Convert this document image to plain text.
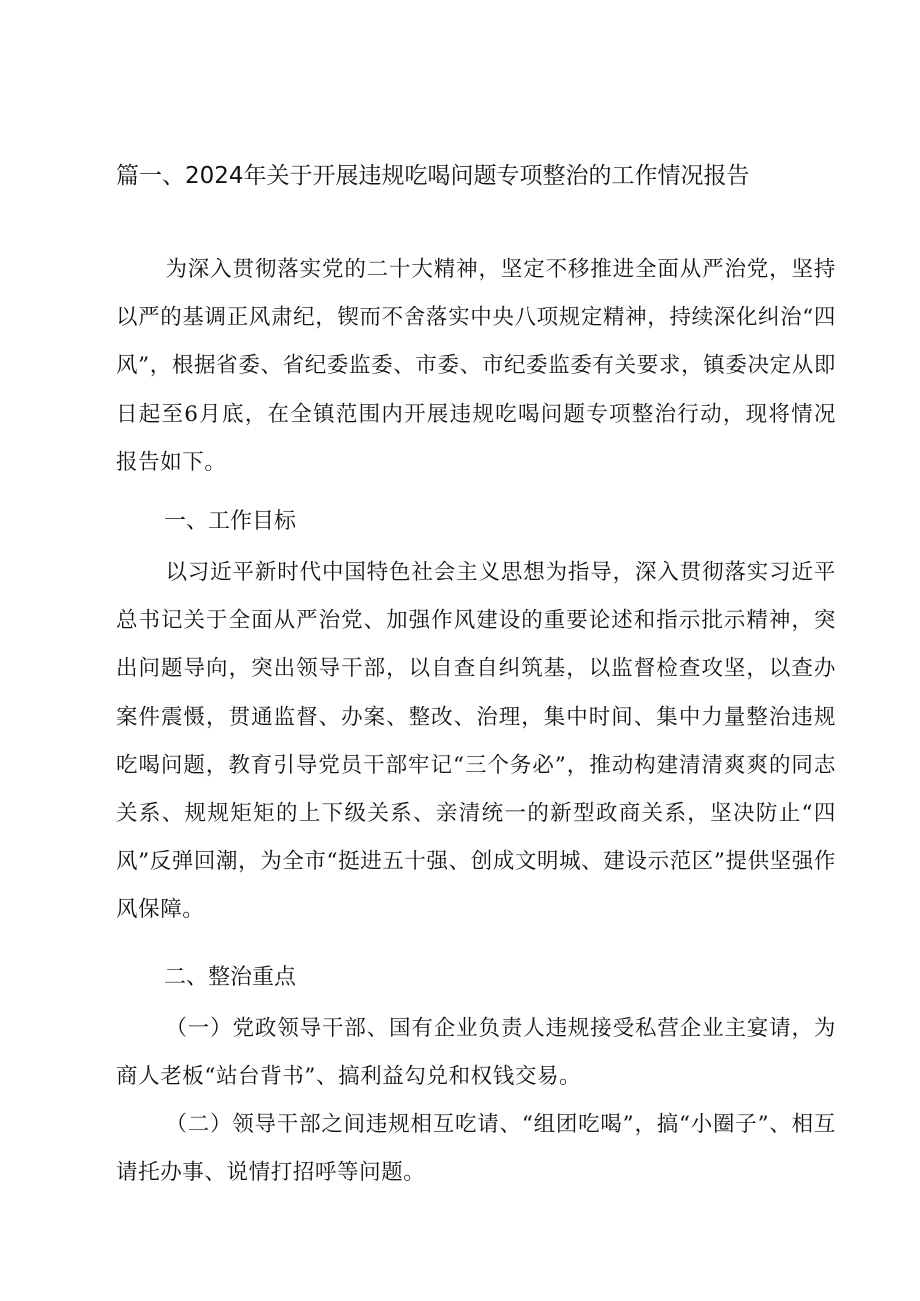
篇一、2024年关于开展违规吃喝问题专项整治的工作情况报告

为深入贯彻落实党的二十大精神，坚定不移推进全面从严治党，坚持以严的基调正风肃纪，锲而不舍落实中央八项规定精神，持续深化纠治“四风”，根据省委、省纪委监委、市委、市纪委监委有关要求，镇委决定从即日起至6月底，在全镇范围内开展违规吃喝问题专项整治行动，现将情况报告如下。

一、工作目标

以习近平新时代中国特色社会主义思想为指导，深入贯彻落实习近平总书记关于全面从严治党、加强作风建设的重要论述和指示批示精神，突出问题导向，突出领导干部，以自查自纠筑基，以监督检查攻坚，以查办案件震慑，贯通监督、办案、整改、治理，集中时间、集中力量整治违规吃喝问题，教育引导党员干部牢记“三个务必”，推动构建清清爽爽的同志关系、规规矩矩的上下级关系、亲清统一的新型政商关系，坚决防止“四风”反弹回潮，为全市“挺进五十强、创成文明城、建设示范区”提供坚强作风保障。

二、整治重点

（一）党政领导干部、国有企业负责人违规接受私营企业主宴请，为商人老板“站台背书”、搞利益勾兑和权钱交易。

（二）领导干部之间违规相互吃请、“组团吃喝”，搞“小圈子”、相互请托办事、说情打招呼等问题。
